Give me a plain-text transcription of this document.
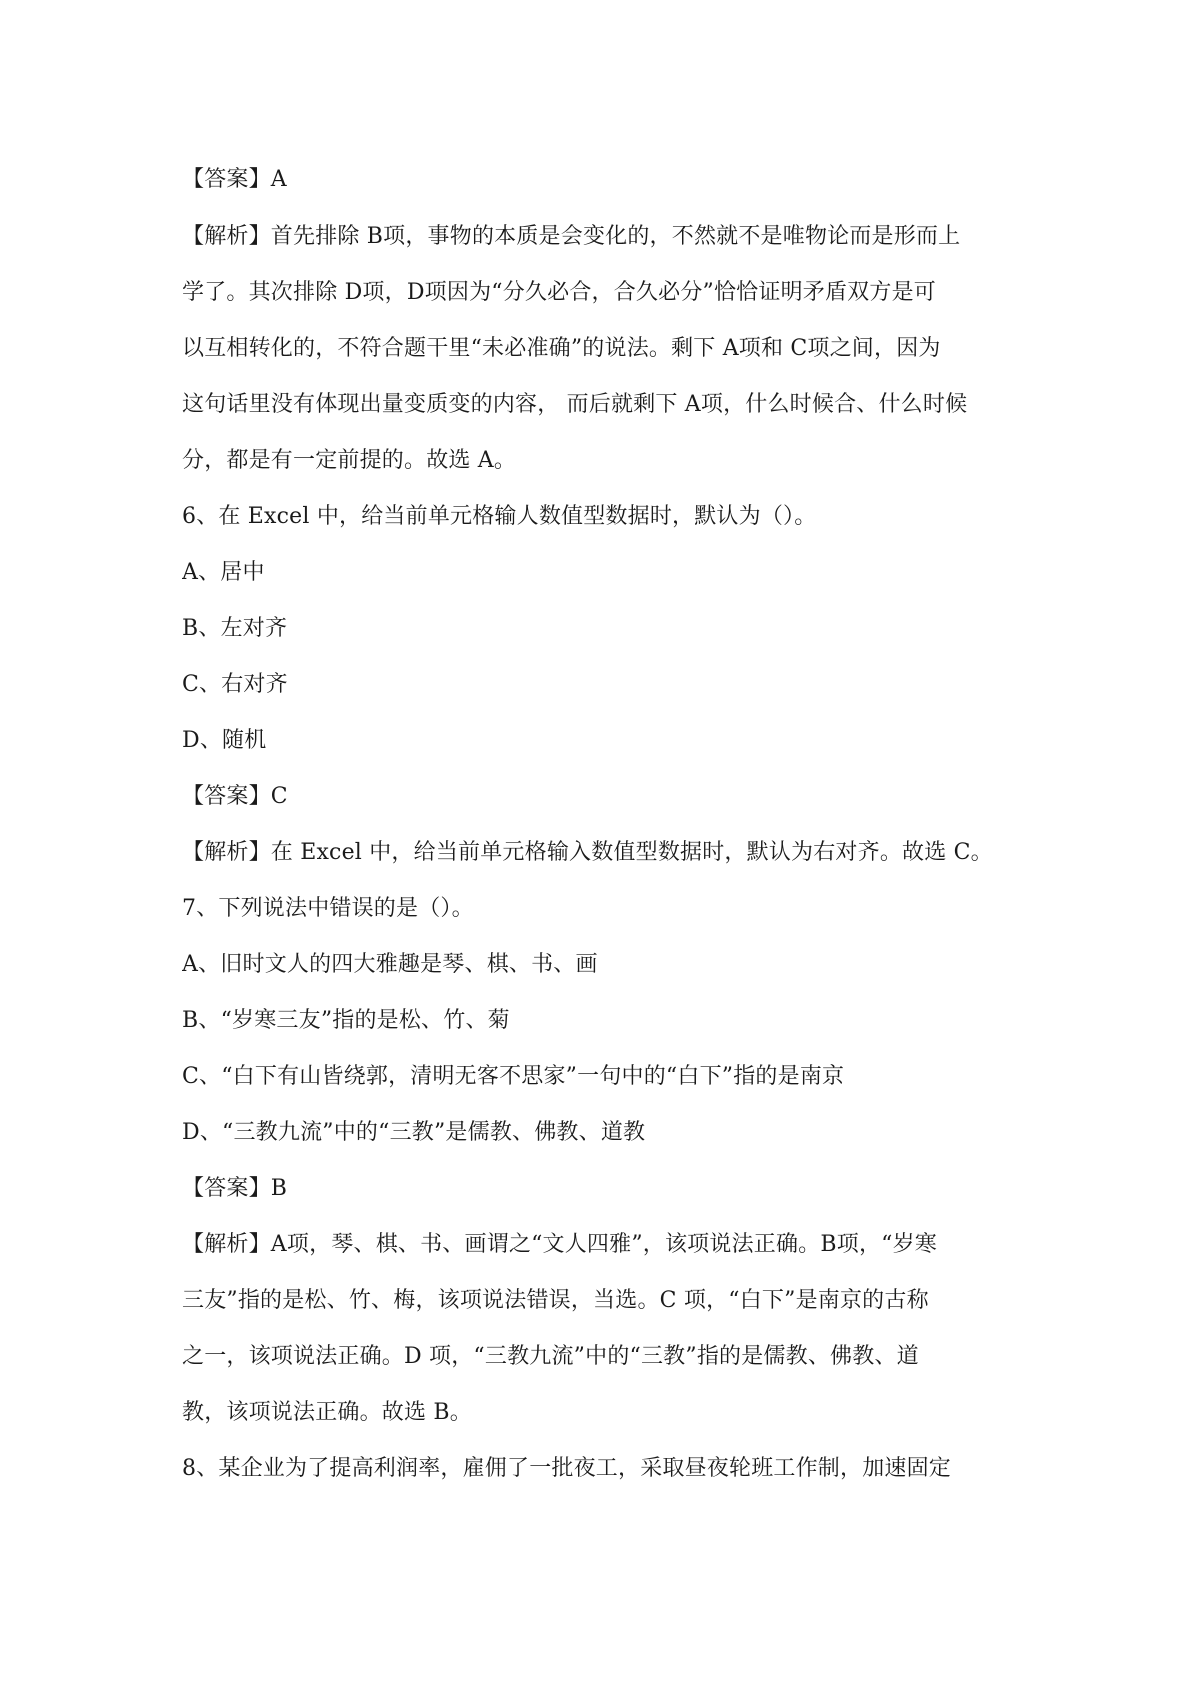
【答案】A
【解析】首先排除 B项，事物的本质是会变化的，不然就不是唯物论而是形而上
学了。其次排除 D项，D项因为“分久必合，合久必分”恰恰证明矛盾双方是可
以互相转化的，不符合题干里“未必准确”的说法。剩下 A项和 C项之间，因为
这句话里没有体现出量变质变的内容， 而后就剩下 A项，什么时候合、什么时候
分，都是有一定前提的。故选 A。
6、在 Excel 中，给当前单元格输人数值型数据时，默认为（）。
A、居中
B、左对齐
C、右对齐
D、随机
【答案】C
【解析】在 Excel 中，给当前单元格输入数值型数据时，默认为右对齐。故选 C。
7、下列说法中错误的是（）。
A、旧时文人的四大雅趣是琴、棋、书、画
B、“岁寒三友”指的是松、竹、菊
C、“白下有山皆绕郭，清明无客不思家”一句中的“白下”指的是南京
D、“三教九流”中的“三教”是儒教、佛教、道教
【答案】B
【解析】A项，琴、棋、书、画谓之“文人四雅”，该项说法正确。B项，“岁寒
三友”指的是松、竹、梅，该项说法错误，当选。C 项，“白下”是南京的古称
之一，该项说法正确。D 项，“三教九流”中的“三教”指的是儒教、佛教、道
教，该项说法正确。故选 B。
8、某企业为了提高利润率，雇佣了一批夜工，采取昼夜轮班工作制，加速固定
